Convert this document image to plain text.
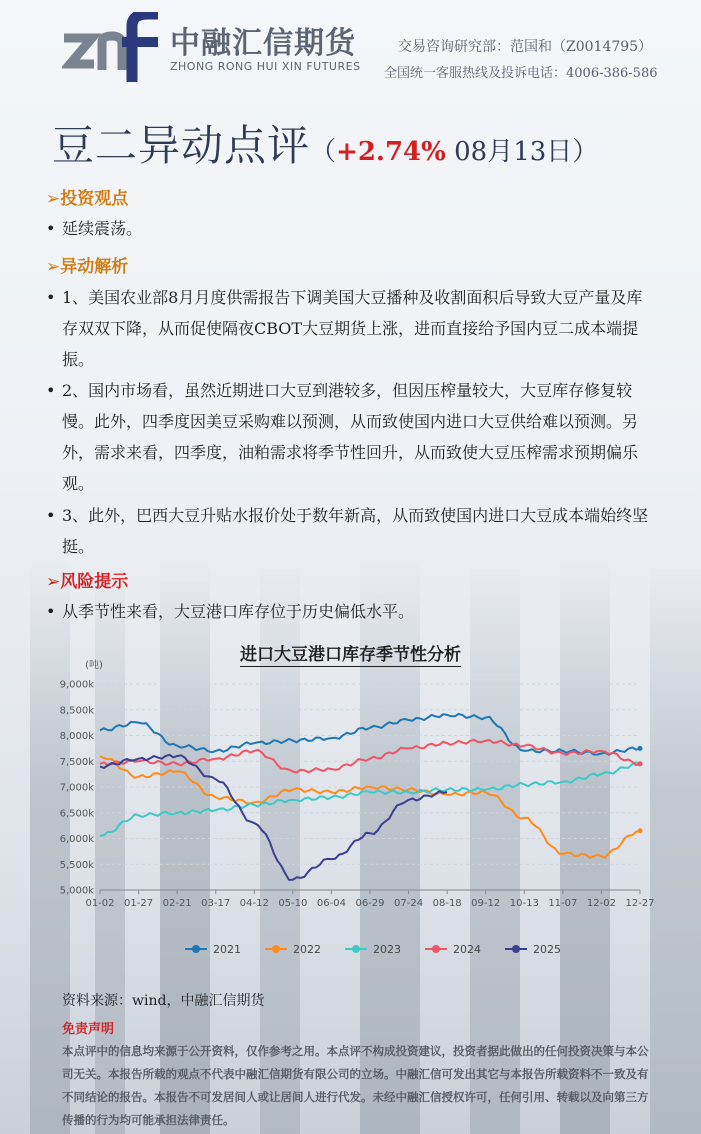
中融汇信期货
ZHONG RONG HUI XIN FUTURES
交易咨询研究部：范国和（Z0014795）
全国统一客服热线及投诉电话：4006-386-586
豆二异动点评（+2.74% 08月13日）
➢投资观点
• 延续震荡。
➢异动解析
• 1、美国农业部8月月度供需报告下调美国大豆播种及收割面积后导致大豆产量及库存双双下降，从而促使隔夜CBOT大豆期货上涨，进而直接给予国内豆二成本端提振。
• 2、国内市场看，虽然近期进口大豆到港较多，但因压榨量较大，大豆库存修复较慢。此外，四季度因美豆采购难以预测，从而致使国内进口大豆供给难以预测。另外，需求来看，四季度，油粕需求将季节性回升，从而致使大豆压榨需求预期偏乐观。
• 3、此外，巴西大豆升贴水报价处于数年新高，从而致使国内进口大豆成本端始终坚挺。
➢风险提示
• 从季节性来看，大豆港口库存位于历史偏低水平。
进口大豆港口库存季节性分析
(吨)
5,000k
5,500k
6,000k
6,500k
7,000k
7,500k
8,000k
8,500k
9,000k
01-02 01-27 02-21 03-17 04-12 05-10 06-04 06-29 07-24 08-18 09-12 10-13 11-07 12-02 12-27
2021	2022	2023	2024	2025
资料来源：wind，中融汇信期货
免责声明
本点评中的信息均来源于公开资料，仅作参考之用。本点评不构成投资建议，投资者据此做出的任何投资决策与本公司无关。本报告所载的观点不代表中融汇信期货有限公司的立场。中融汇信可发出其它与本报告所载资料不一致及有不同结论的报告。本报告不可发居间人或让居间人进行代发。未经中融汇信授权许可，任何引用、转载以及向第三方传播的行为均可能承担法律责任。
